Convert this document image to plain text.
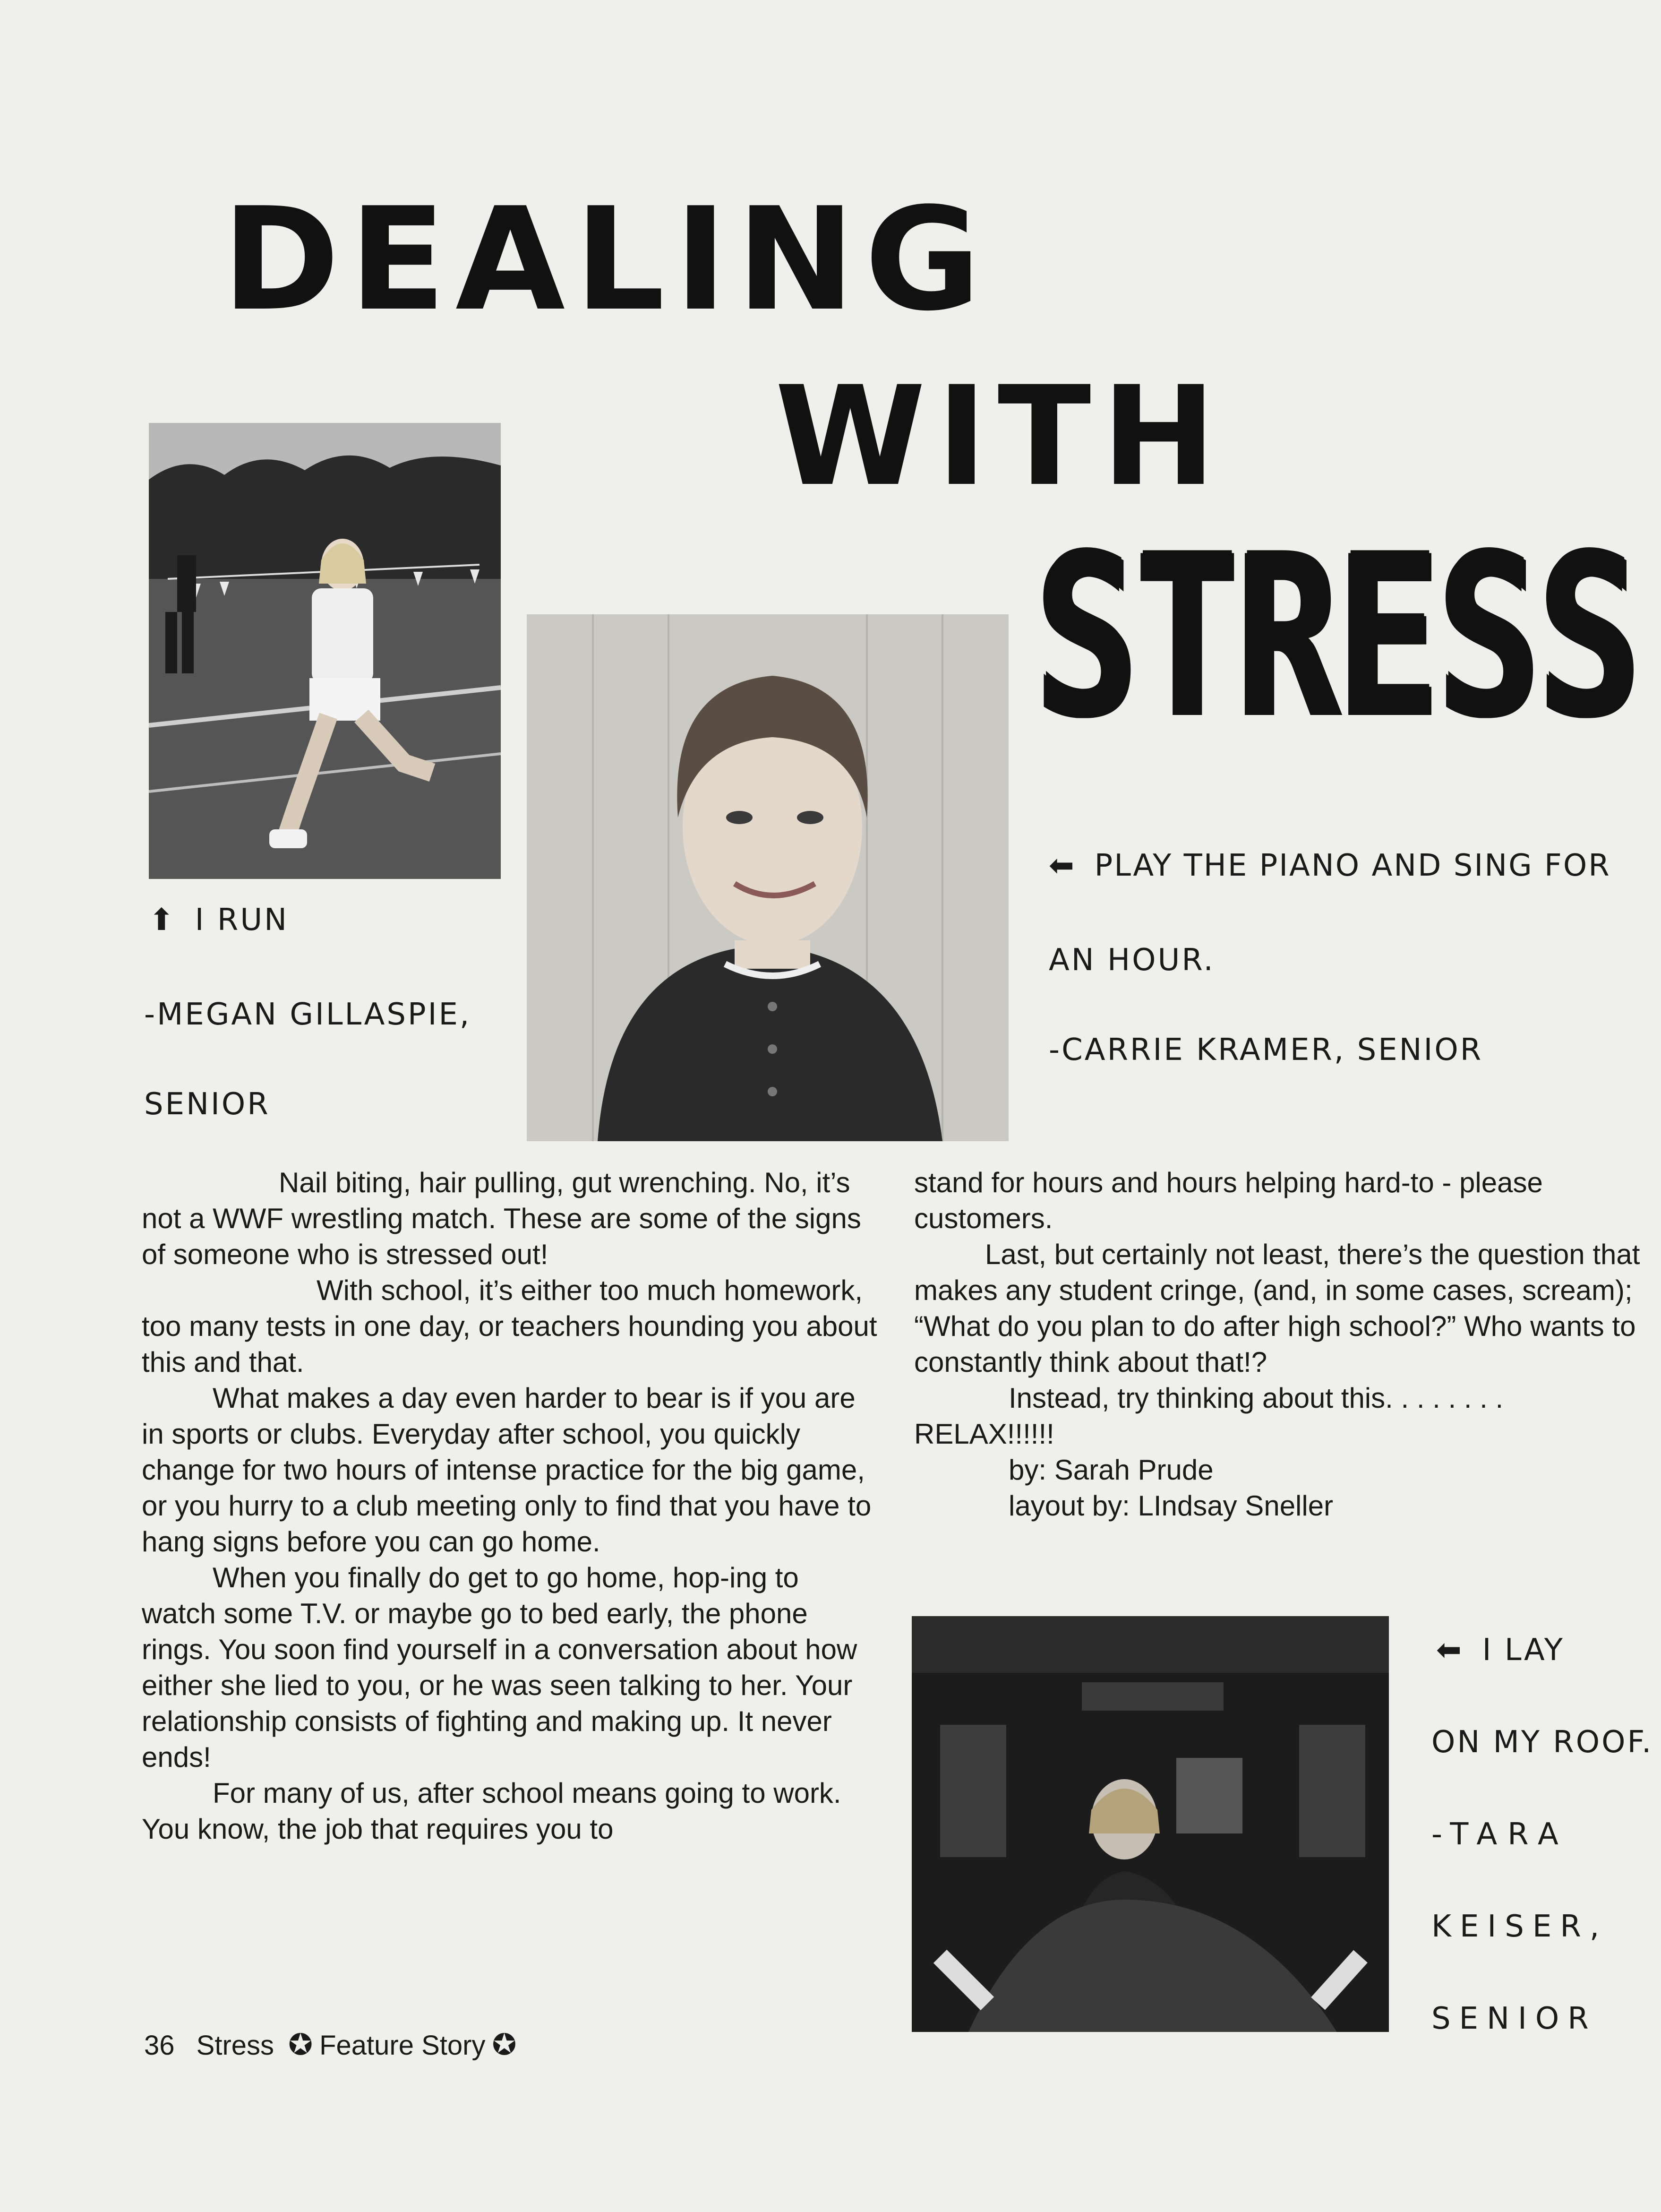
DEALING
WITH
STRESS
⬆ I RUN
-MEGAN GILLASPIE,
SENIOR
⬅ PLAY THE PIANO AND SING FOR
AN HOUR.
-CARRIE KRAMER, SENIOR
⬅ I LAY
ON MY ROOF.
-TARA
KEISER,
SENIOR

Nail biting, hair pulling, gut wrenching. No, it’s not a WWF wrestling match. These are some of the signs of someone who is stressed out!

With school, it’s either too much homework, too many tests in one day, or teachers hounding you about this and that.

What makes a day even harder to bear is if you are in sports or clubs. Everyday after school, you quickly change for two hours of intense practice for the big game, or you hurry to a club meeting only to find that you have to hang signs before you can go home.

When you finally do get to go home, hop-ing to watch some T.V. or maybe go to bed early, the phone rings. You soon find yourself in a conversation about how either she lied to you, or he was seen talking to her. Your relationship consists of fighting and making up. It never ends!

For many of us, after school means going to work. You know, the job that requires you to

stand for hours and hours helping hard-to - please customers.

Last, but certainly not least, there’s the question that makes any student cringe, (and, in some cases, scream); “What do you plan to do after high school?” Who wants to constantly think about that!?

Instead, try thinking about this. . . . . . . . RELAX!!!!!!

by: Sarah Prude

layout by: LIndsay Sneller

36 Stress ✪ Feature Story ✪
